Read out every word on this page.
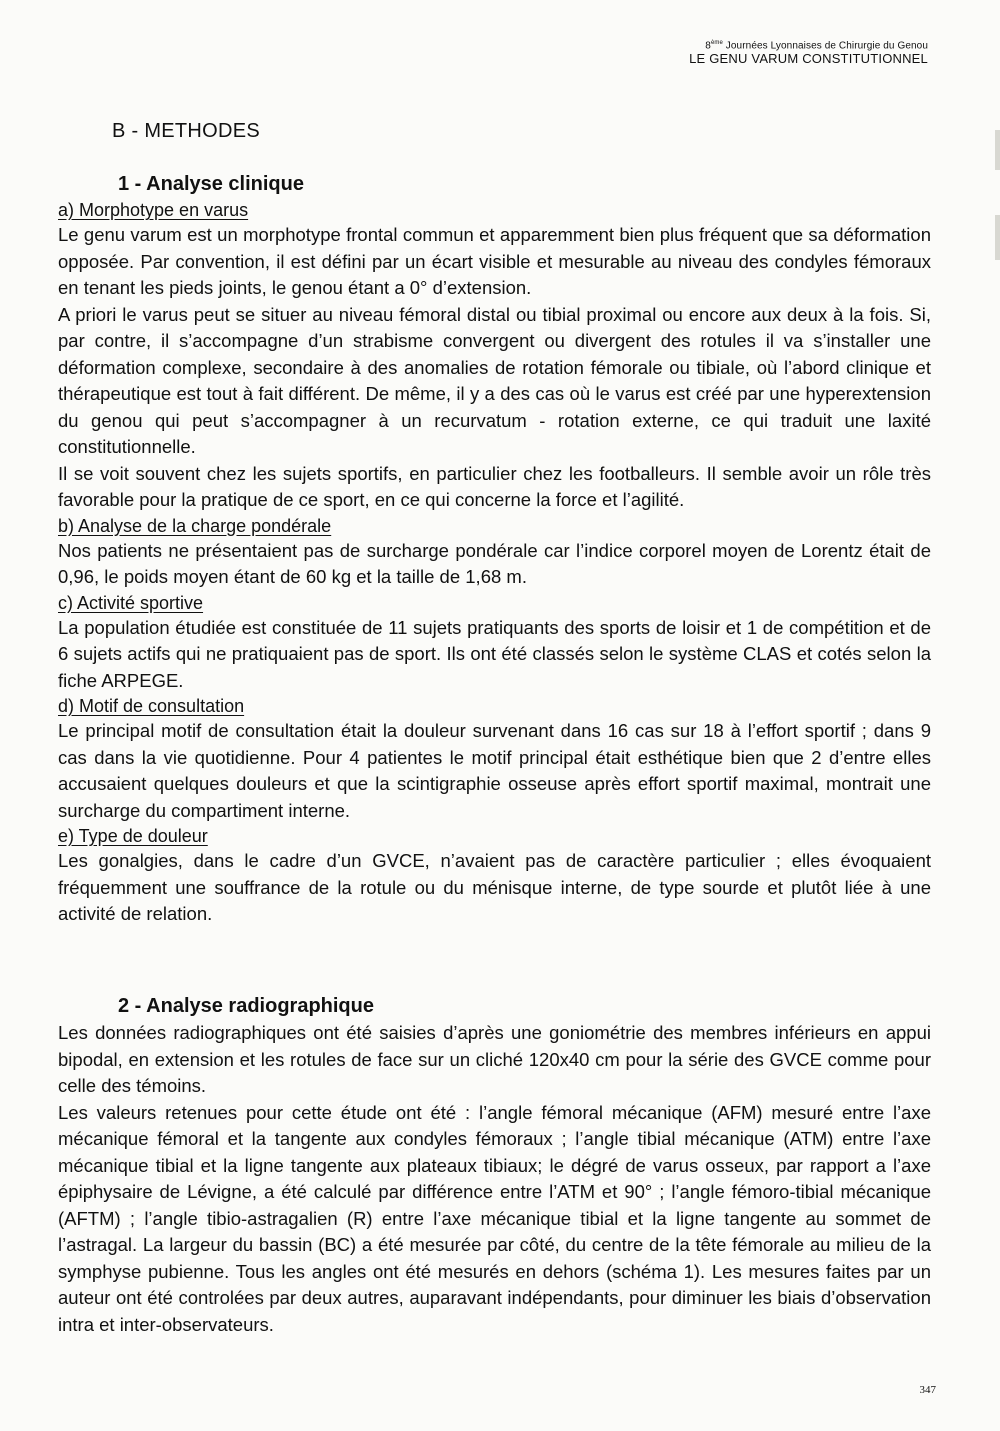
8ème Journées Lyonnaises de Chirurgie du Genou
LE GENU VARUM CONSTITUTIONNEL
B - METHODES
1 - Analyse clinique
a) Morphotype en varus

Le genu varum est un morphotype frontal commun et apparemment bien plus fréquent que sa déformation opposée. Par convention, il est défini par un écart visible et mesurable au niveau des condyles fémoraux en tenant les pieds joints, le genou étant a 0° d’extension.

A priori le varus peut se situer au niveau fémoral distal ou tibial proximal ou encore aux deux à la fois. Si, par contre, il s’accompagne d’un strabisme convergent ou divergent des rotules il va s’installer une déformation complexe, secondaire à des anomalies de rotation fémorale ou tibiale, où l’abord clinique et thérapeutique est tout à fait différent. De même, il y a des cas où le varus est créé par une hyperextension du genou qui peut s’accompagner à un recurvatum - rotation externe, ce qui traduit une laxité constitutionnelle.

Il se voit souvent chez les sujets sportifs, en particulier chez les footballeurs. Il semble avoir un rôle très favorable pour la pratique de ce sport, en ce qui concerne la force et l’agilité.

b) Analyse de la charge pondérale

Nos patients ne présentaient pas de surcharge pondérale car l’indice corporel moyen de Lorentz était de 0,96, le poids moyen étant de 60 kg et la taille de 1,68 m.

c) Activité sportive

La population étudiée est constituée de 11 sujets pratiquants des sports de loisir et 1 de compétition et de 6 sujets actifs qui ne pratiquaient pas de sport. Ils ont été classés selon le système CLAS et cotés selon la fiche ARPEGE.

d) Motif de consultation

Le principal motif de consultation était la douleur survenant dans 16 cas sur 18 à l’effort sportif ; dans 9 cas dans la vie quotidienne. Pour 4 patientes le motif principal était esthétique bien que 2 d’entre elles accusaient quelques douleurs et que la scintigraphie osseuse après effort sportif maximal, montrait une surcharge du compartiment interne.

e) Type de douleur

Les gonalgies, dans le cadre d’un GVCE, n’avaient pas de caractère particulier ; elles évoquaient fréquemment une souffrance de la rotule ou du ménisque interne, de type sourde et plutôt liée à une activité de relation.

2 - Analyse radiographique

Les données radiographiques ont été saisies d’après une goniométrie des membres inférieurs en appui bipodal, en extension et les rotules de face sur un cliché 120x40 cm pour la série des GVCE comme pour celle des témoins.

Les valeurs retenues pour cette étude ont été : l’angle fémoral mécanique (AFM) mesuré entre l’axe mécanique fémoral et la tangente aux condyles fémoraux ; l’angle tibial mécanique (ATM) entre l’axe mécanique tibial et la ligne tangente aux plateaux tibiaux; le dégré de varus osseux, par rapport a l’axe épiphysaire de Lévigne, a été calculé par différence entre l’ATM et 90° ; l’angle fémoro-tibial mécanique (AFTM) ; l’angle tibio-astragalien (R) entre l’axe mécanique tibial et la ligne tangente au sommet de l’astragal. La largeur du bassin (BC) a été mesurée par côté, du centre de la tête fémorale au milieu de la symphyse pubienne. Tous les angles ont été mesurés en dehors (schéma 1). Les mesures faites par un auteur ont été controlées par deux autres, auparavant indépendants, pour diminuer les biais d’observation intra et inter-observateurs.

347
